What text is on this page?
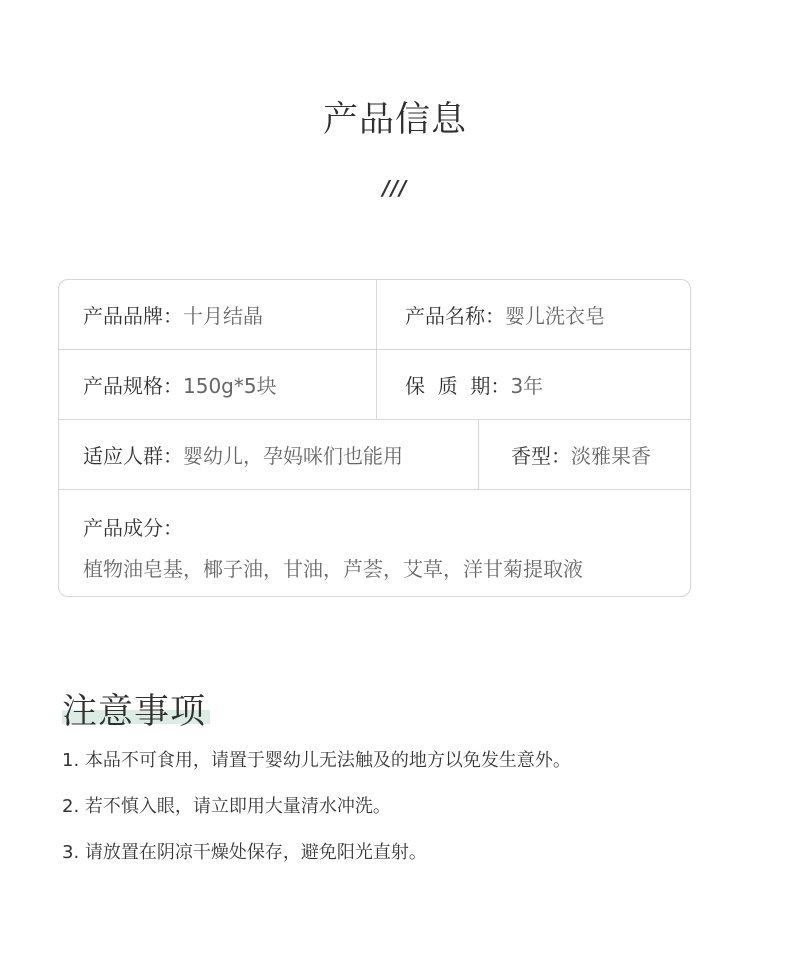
产品信息
///
产品品牌： 十月结晶	产品名称： 婴儿洗衣皂
产品规格： 150g*5块	保  质  期： 3年
适应人群： 婴幼儿，孕妈咪们也能用	香型： 淡雅果香
产品成分：
植物油皂基，椰子油，甘油，芦荟，艾草，洋甘菊提取液
注意事项
1. 本品不可食用，请置于婴幼儿无法触及的地方以免发生意外。
2. 若不慎入眼，请立即用大量清水冲洗。
3. 请放置在阴凉干燥处保存，避免阳光直射。
